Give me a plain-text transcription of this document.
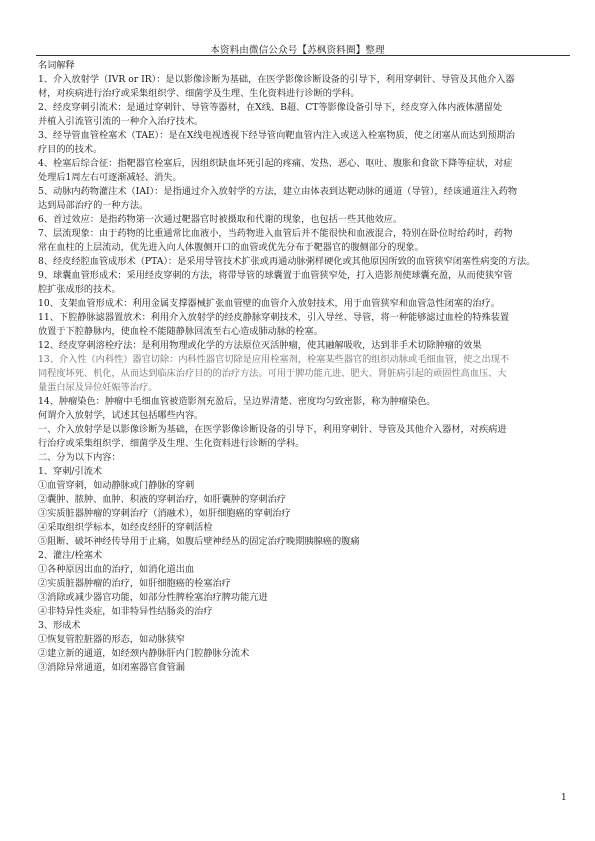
本资料由微信公众号【苏枫资料圈】整理
名词解释
1、介入放射学（IVR or IR）：是以影像诊断为基础，在医学影像诊断设备的引导下，利用穿刺针、导管及其他介入器
材，对疾病进行治疗或采集组织学、细菌学及生理、生化资料进行诊断的学科。
2、经皮穿刺引流术：是通过穿刺针、导管等器材，在X线、B超、CT等影像设备引导下，经皮穿入体内液体潴留处
并植入引流管引流的一种介入治疗技术。
3、经导管血管栓塞术（TAE）：是在X线电视透视下经导管向靶血管内注入或送入栓塞物质，使之闭塞从而达到预期治
疗目的的技术。
4、栓塞后综合征：指靶器官栓塞后，因组织缺血坏死引起的疼痛、发热、恶心、呕吐、腹胀和食欲下降等症状，对症
处理后1周左右可逐渐减轻、消失。
5、动脉内药物灌注术（IAI）：是指通过介入放射学的方法，建立由体表到达靶动脉的通道（导管），经该通道注入药物
达到局部治疗的一种方法。
6、首过效应：是指药物第一次通过靶器官时被摄取和代谢的现象，也包括一些其他效应。
7、层流现象：由于药物的比重通常比血液小，当药物进入血管后并不能很快和血液混合，特别在卧位时给药时，药物
常在血柱的上层流动，优先进入向人体腹侧开口的血管或优先分布于靶器官的腹侧部分的现象。
8、经皮经腔血管成形术（PTA）：是采用导管技术扩张或再通动脉粥样硬化或其他原因所致的血管狭窄闭塞性病变的方法。
9、球囊血管形成术：采用经皮穿刺的方法，将带导管的球囊置于血管狭窄处，打入造影剂使球囊充盈，从而使狭窄管
腔扩张成形的技术。
10、支架血管形成术：利用金属支撑器械扩张血管壁的血管介入放射技术，用于血管狭窄和血管急性闭塞的治疗。
11、下腔静脉滤器置放术：利用介入放射学的经皮静脉穿刺技术，引入导丝、导管，将一种能够滤过血栓的特殊装置
放置于下腔静脉内，使血栓不能随静脉回流至右心造成肺动脉的栓塞。
12、经皮穿刺溶栓疗法：是利用物理或化学的方法原位灭活肿瘤，使其融解吸收，达到非手术切除肿瘤的效果
13、介入性（内科性）器官切除：内科性器官切除是应用栓塞剂，栓塞某些器官的组织动脉或毛细血管，使之出现不
同程度坏死、机化，从而达到临床治疗目的的治疗方法。可用于脾功能亢进、肥大、肾脏病引起的顽固性高血压、大
量蛋白尿及异位妊娠等治疗。
14、肿瘤染色：肿瘤中毛细血管被造影剂充盈后，呈边界清楚、密度均匀致密影，称为肿瘤染色。
何谓介入放射学，试述其包括哪些内容。
一、介入放射学是以影像诊断为基础，在医学影像诊断设备的引导下，利用穿刺针、导管及其他介入器材，对疾病进
行治疗或采集组织学、细菌学及生理、生化资料进行诊断的学科。
二、分为以下内容：
1、穿刺/引流术
①血管穿刺，如动静脉或门静脉的穿刺
②囊肿、脓肿、血肿、积液的穿刺治疗，如肝囊肿的穿刺治疗
③实质脏器肿瘤的穿刺治疗（消融术），如肝细胞癌的穿刺治疗
④采取组织学标本，如经皮经肝的穿刺活检
⑤阻断、破坏神经传导用于止痛，如腹后壁神经丛的固定治疗晚期胰腺癌的腹痛
2、灌注/栓塞术
①各种原因出血的治疗，如消化道出血
②实质脏器肿瘤的治疗，如肝细胞癌的栓塞治疗
③消除或减少器官功能，如部分性脾栓塞治疗脾功能亢进
④非特异性炎症，如非特异性结肠炎的治疗
3、形成术
①恢复管腔脏器的形态，如动脉狭窄
②建立新的通道，如经颈内静脉肝内门腔静脉分流术
③消除异常通道，如闭塞器官食管漏
1
